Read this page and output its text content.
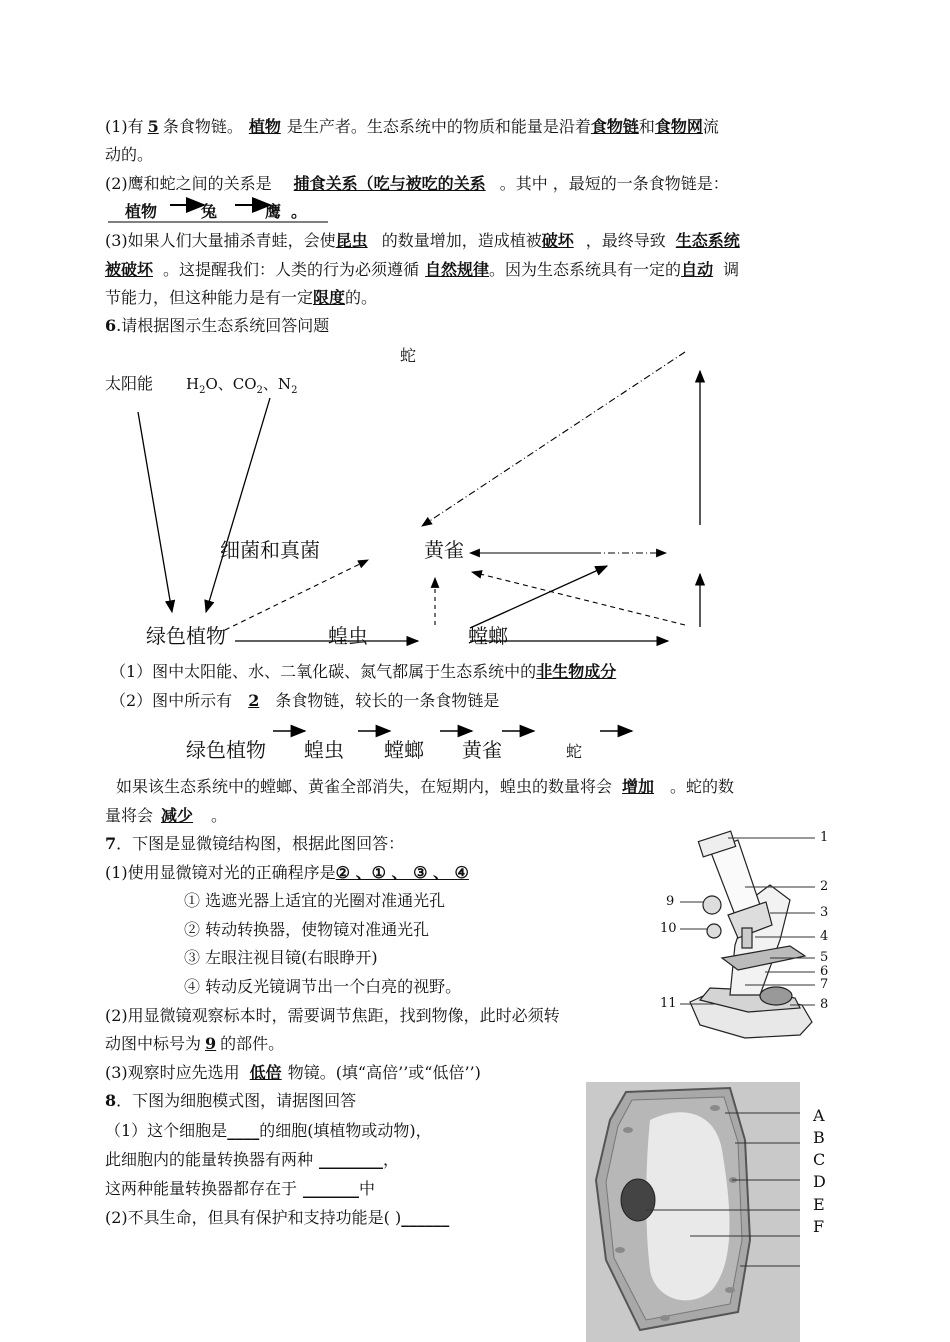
(1)有 5 条食物链。 植物 是生产者。生态系统中的物质和能量是沿着食物链和食物网流
动的。
(2)鹰和蛇之间的关系是 捕食关系（吃与被吃的关系 。其中 ，最短的一条食物链是：
植物	兔	鹰 。
(3)如果人们大量捕杀青蛙，会使昆虫 的数量增加，造成植被破坏 ，最终导致 生态系统
被破坏 。这提醒我们：人类的行为必须遵循 自然规律。因为生态系统具有一定的自动 调
节能力，但这种能力是有一定限度的。
6.请根据图示生态系统回答问题
蛇
太阳能 $H_2O$、$CO_2$、$N_2$
细菌和真菌	黄雀
绿色植物	蝗虫	螳螂
（1）图中太阳能、水、二氧化碳、氮气都属于生态系统中的非生物成分
（2）图中所示有 2 条食物链，较长的一条食物链是
绿色植物 蝗虫 螳螂 黄雀	蛇
如果该生态系统中的螳螂、黄雀全部消失，在短期内，蝗虫的数量将会 增加 。蛇的数
量将会 减少 。
7．下图是显微镜结构图，根据此图回答：
(1)使用显微镜对光的正确程序是② 、① 、 ③ 、 ④
① 选遮光器上适宜的光圈对准通光孔
② 转动转换器，使物镜对准通光孔
③ 左眼注视目镜(右眼睁开)
④ 转动反光镜调节出一个白亮的视野。
(2)用显微镜观察标本时，需要调节焦距，找到物像，此时必须转
动图中标号为 9 的部件。
(3)观察时应先选用 低倍 物镜。(填“高倍’’或“低倍’’)
1
2
3
4
5
6
7
8
9
10
11
8．下图为细胞模式图，请据图回答
（1）这个细胞是____的细胞(填植物或动物)，
此细胞内的能量转换器有两种 ________，
这两种能量转换器都存在于 _______中
(2)不具生命，但具有保护和支持功能是( )______
A
B
C
D
E
F
